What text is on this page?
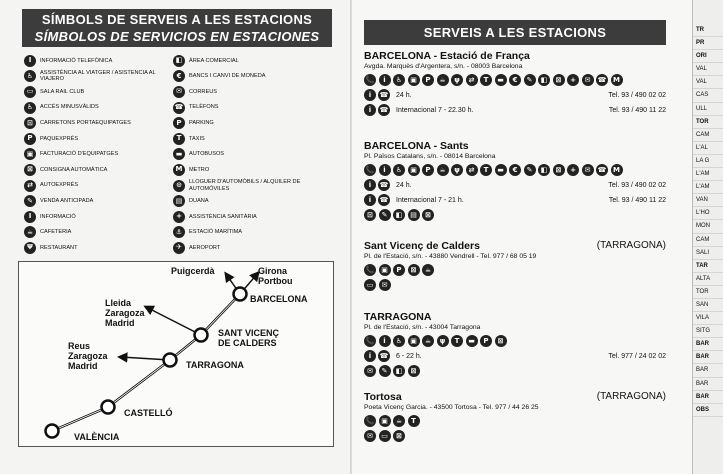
SÍMBOLS DE SERVEIS A LES ESTACIONS
SÍMBOLOS DE SERVICIOS EN ESTACIONES
I	INFORMACIÓ TELEFÒNICA
♿	ASSISTÈNCIA AL VIATGER / ASISTENCIA AL VIAJERO
▭	SALA RAIL CLUB
♿	ACCÉS MINUSVÀLIDS
⊡	CARRETONS PORTAEQUIPATGES
P	PAQUEXPRÉS
▣	FACTURACIÓ D'EQUIPATGES
⊠	CONSIGNA AUTOMÀTICA
⇄	AUTOEXPRÉS
✎	VENDA ANTICIPADA
I	INFORMACIÓ
☕	CAFETERIA
Ψ	RESTAURANT
◧	ÀREA COMERCIAL
€	BANCS I CANVI DE MONEDA
✉	CORREUS
☎ TELÈFONS
P	PARKING
T	TAXIS
▬	AUTOBUSOS
M	METRO
⊙	LLOGUER D'AUTOMÒBILS / ALQUILER DE AUTOMÓVILES
▤	DUANA
+	ASSISTÈNCIA SANITÀRIA
⚓	ESTACIÓ MARÍTIMA
✈	AEROPORT
BARCELONA
SANT VICENÇ
DE CALDERS
TARRAGONA
CASTELLÓ
VALÈNCIA
Puigcerdà	Girona
Portbou
Lleida
Zaragoza
Madrid
Reus
Zaragoza
Madrid
SERVEIS A LES ESTACIONS
BARCELONA - Estació de França
Avgda. Marquès d'Argentera, s/n. - 08003 Barcelona
📞	i	♿	▣	P	☕	ψ	⇄	T	▬	€	✎	◧	⊠	+	✉	☎ M
i	☎ 24 h.	Tel. 93 / 490 02 02
i	☎ Internacional 7 - 22.30 h.	Tel. 93 / 490 11 22
BARCELONA - Sants
Pl. Països Catalans, s/n. - 08014 Barcelona
📞	i	♿	▣	P	☕	ψ	⇄	T	▬	€	✎	◧	⊠	+	✉	☎ M
i	☎ 24 h.	Tel. 93 / 490 02 02
i	☎ Internacional 7 - 21 h.	Tel. 93 / 490 11 22
⊡	✎	◧	▤	⊠
Sant Vicenç de Calders	(TARRAGONA)
Pl. de l'Estació, s/n. - 43880 Vendrell - Tel. 977 / 68 05 19
📞 ▣	P	⊠	☕
▭	✉
TARRAGONA
Pl. de l'Estació, s/n. - 43004 Tarragona
📞	i	♿	▣	☕	ψ	T	▬	P	⊠
i	☎ 6 - 22 h.	Tel. 977 / 24 02 02
✉	✎	◧	⊠
Tortosa	(TARRAGONA)
Poeta Vicenç Garcia. - 43500 Tortosa - Tel. 977 / 44 26 25
📞 ▣	☕	T
✉	▭	⊠
TR
PR
ORI
VAL
VAL
CAS
ULL
TOR
CAM
L'AL
LA G
L'AM
L'AM
VAN
L'HO
MON
CAM
SALI
TAR
ALTA
TOR
SAN
VILA
SITG
BAR
BAR
BAR
BAR
BAR
OBS
